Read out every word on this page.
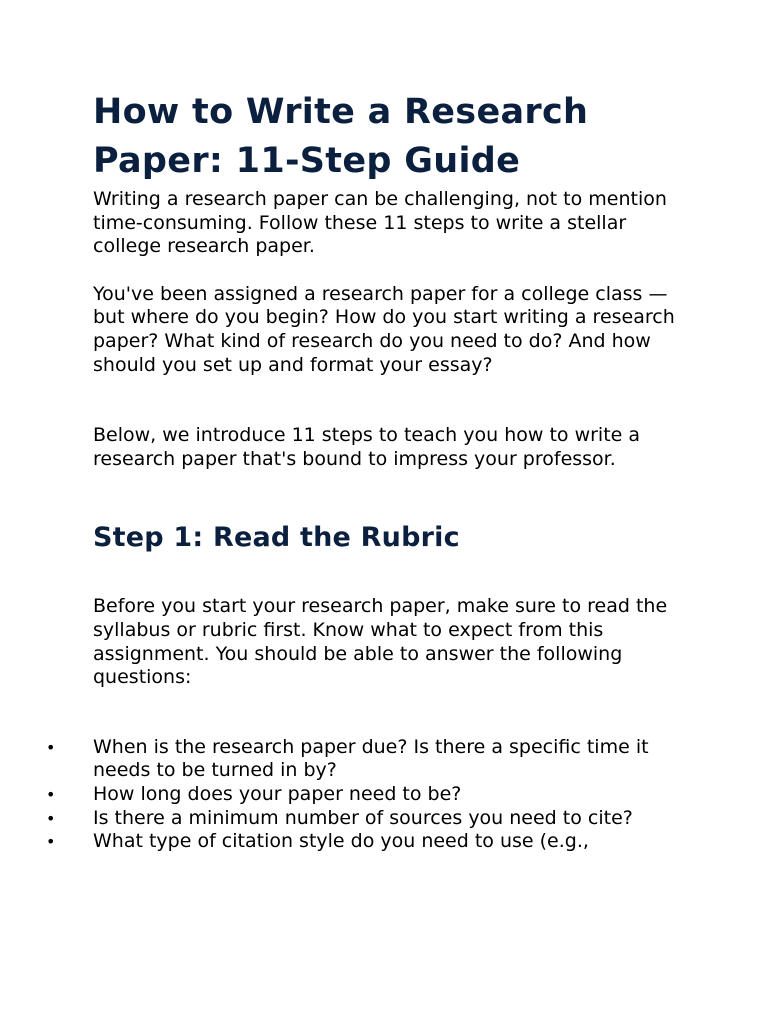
How to Write a Research Paper: 11-Step Guide

Writing a research paper can be challenging, not to mention time-consuming. Follow these 11 steps to write a stellar college research paper.

You've been assigned a research paper for a college class — but where do you begin? How do you start writing a research paper? What kind of research do you need to do? And how should you set up and format your essay?

Below, we introduce 11 steps to teach you how to write a research paper that's bound to impress your professor.

Step 1: Read the Rubric

Before you start your research paper, make sure to read the syllabus or rubric first. Know what to expect from this assignment. You should be able to answer the following questions:

• When is the research paper due? Is there a specific time it needs to be turned in by?
• How long does your paper need to be?
• Is there a minimum number of sources you need to cite?
• What type of citation style do you need to use (e.g.,
